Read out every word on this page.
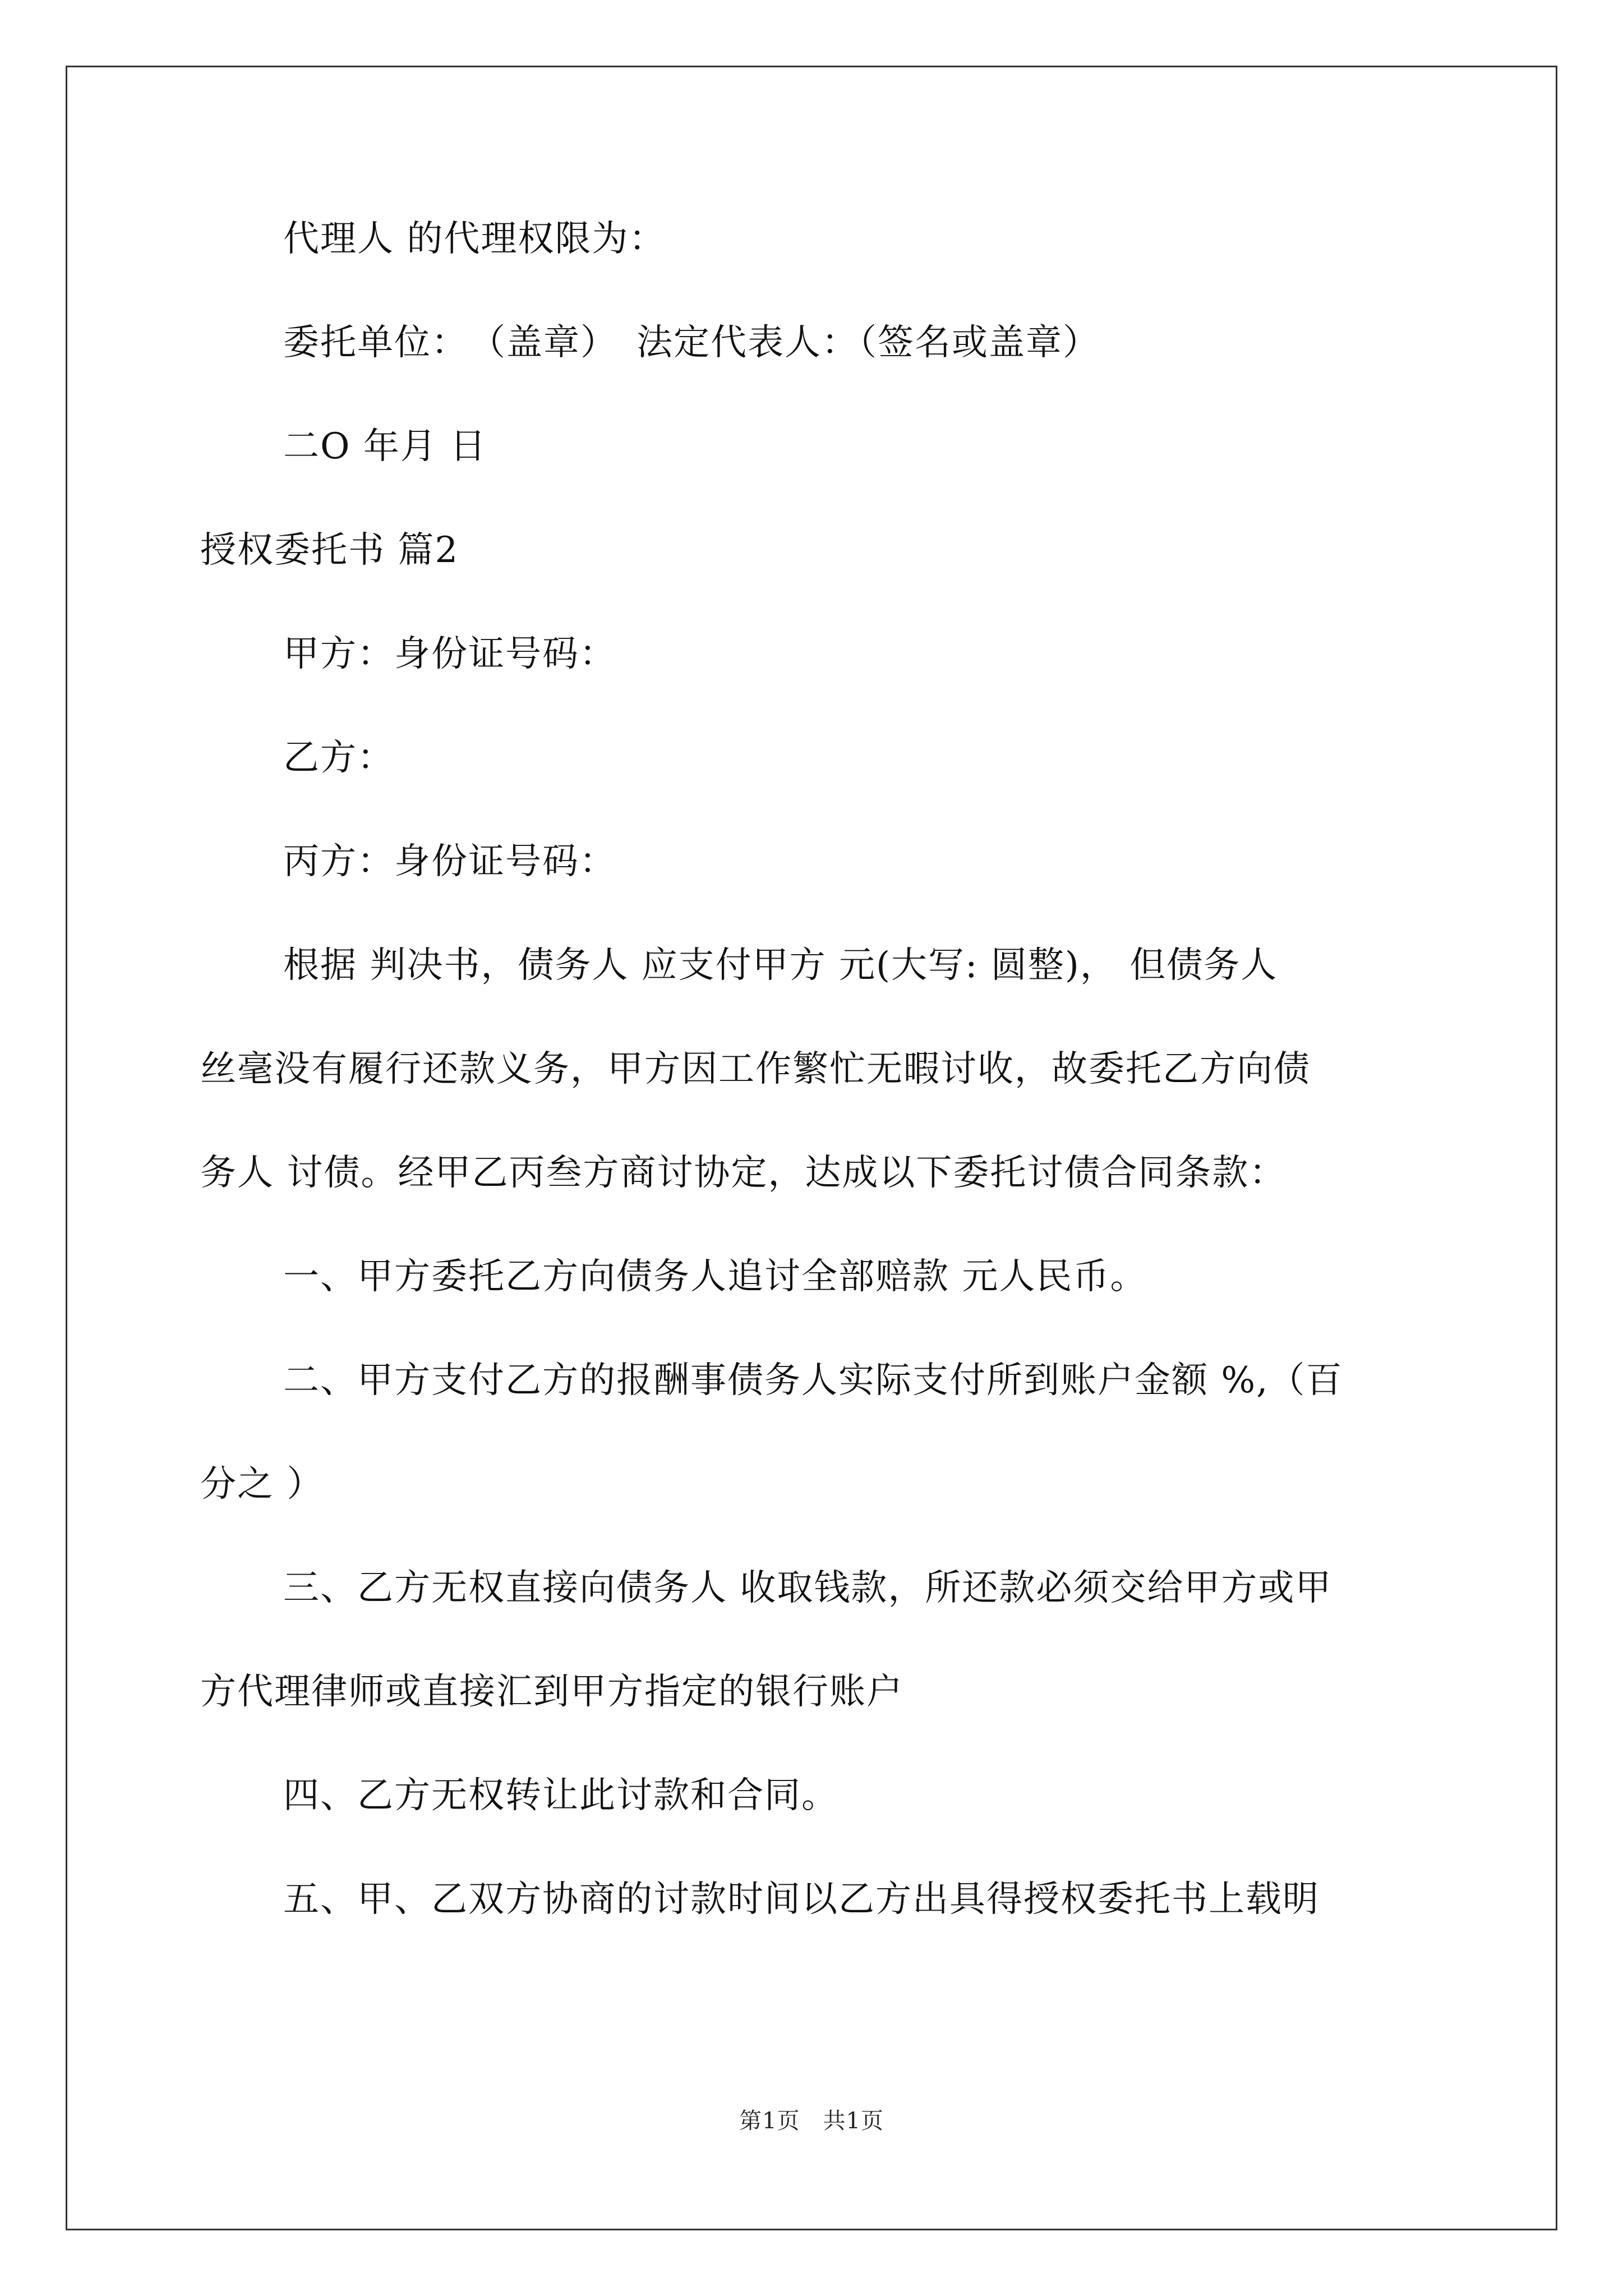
代理人 的代理权限为：
委托单位：　（盖章）　法定代表人：（签名或盖章）
二O 年月 日
授权委托书 篇2
甲方：身份证号码：
乙方：
丙方：身份证号码：
根据 判决书，债务人 应支付甲方 元(大写: 圆整)， 但债务人
丝毫没有履行还款义务，甲方因工作繁忙无暇讨收，故委托乙方向债
务人 讨债。经甲乙丙叁方商讨协定，达成以下委托讨债合同条款：
一、甲方委托乙方向债务人追讨全部赔款 元人民币。
二、甲方支付乙方的报酬事债务人实际支付所到账户金额 %,（百
分之 ）
三、乙方无权直接向债务人 收取钱款，所还款必须交给甲方或甲
方代理律师或直接汇到甲方指定的银行账户
四、乙方无权转让此讨款和合同。
五、甲、乙双方协商的讨款时间以乙方出具得授权委托书上载明
第1页　共1页
